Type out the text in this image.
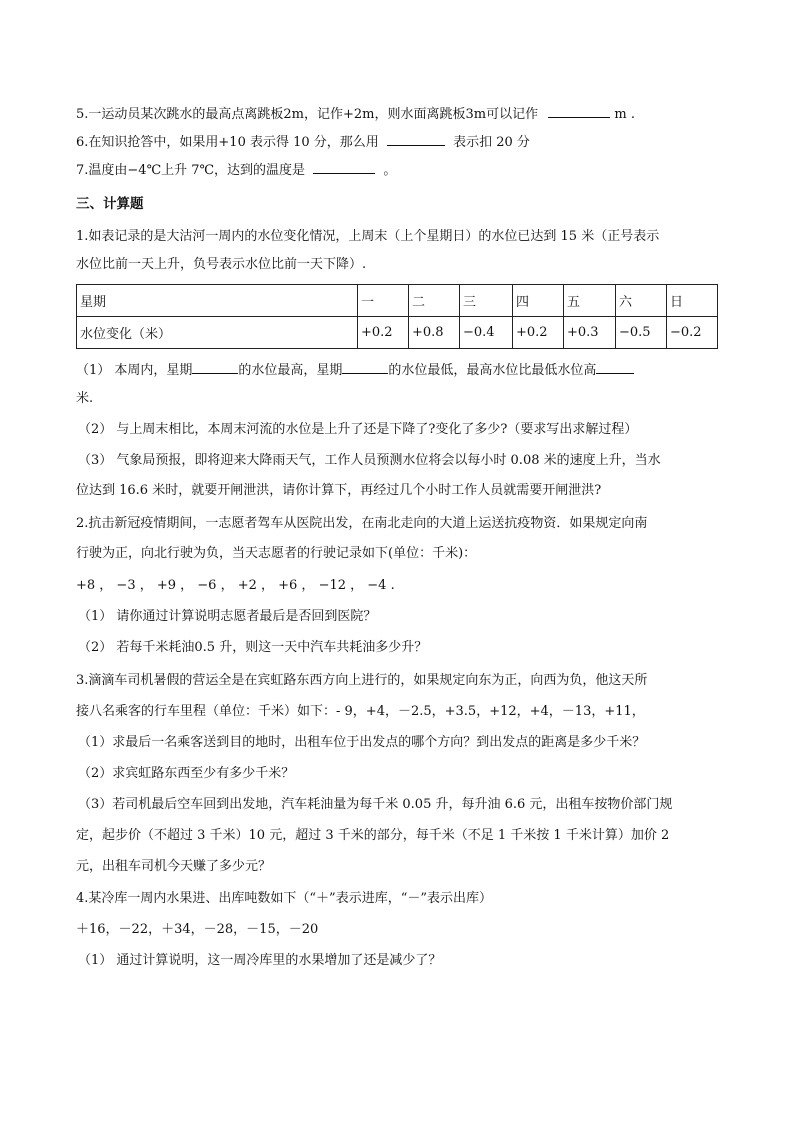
5.一运动员某次跳水的最高点离跳板2m，记作+2m，则水面离跳板3m可以记作	m .
6.在知识抢答中，如果用+10 表示得 10 分，那么用	表示扣 20 分
7.温度由−4℃上升 7℃，达到的温度是	。
三、计算题
1.如表记录的是大沽河一周内的水位变化情况，上周末（上个星期日）的水位已达到 15 米（正号表示
水位比前一天上升，负号表示水位比前一天下降）.
星期	一	二	三	四	五	六	日
水位变化（米）	+0.2	+0.8	−0.4	+0.2	+0.3	−0.5	−0.2
（1） 本周内，星期	的水位最高，星期	的水位最低，最高水位比最低水位高
米.
（2） 与上周末相比，本周末河流的水位是上升了还是下降了?变化了多少?（要求写出求解过程）
（3） 气象局预报，即将迎来大降雨天气，工作人员预测水位将会以每小时 0.08 米的速度上升，当水
位达到 16.6 米时，就要开闸泄洪，请你计算下，再经过几个小时工作人员就需要开闸泄洪?
2.抗击新冠疫情期间，一志愿者驾车从医院出发，在南北走向的大道上运送抗疫物资．如果规定向南
行驶为正，向北行驶为负，当天志愿者的行驶记录如下(单位：千米)：
+8 ， −3 ， +9 ， −6 ， +2 ， +6 ， −12 ， −4 .
（1） 请你通过计算说明志愿者最后是否回到医院？
（2） 若每千米耗油0.5 升，则这一天中汽车共耗油多少升？
3.滴滴车司机暑假的营运全是在宾虹路东西方向上进行的，如果规定向东为正，向西为负，他这天所
接八名乘客的行车里程（单位：千米）如下：- 9，+4，－2.5，+3.5，+12，+4，－13，+11，
（1）求最后一名乘客送到目的地时，出租车位于出发点的哪个方向？到出发点的距离是多少千米？
（2）求宾虹路东西至少有多少千米？
（3）若司机最后空车回到出发地，汽车耗油量为每千米 0.05 升，每升油 6.6 元，出租车按物价部门规
定，起步价（不超过 3 千米）10 元，超过 3 千米的部分，每千米（不足 1 千米按 1 千米计算）加价 2
元，出租车司机今天赚了多少元？
4.某冷库一周内水果进、出库吨数如下（“＋”表示进库，“－”表示出库）
＋16，－22，＋34，－28，－15，－20
（1） 通过计算说明，这一周冷库里的水果增加了还是减少了？
